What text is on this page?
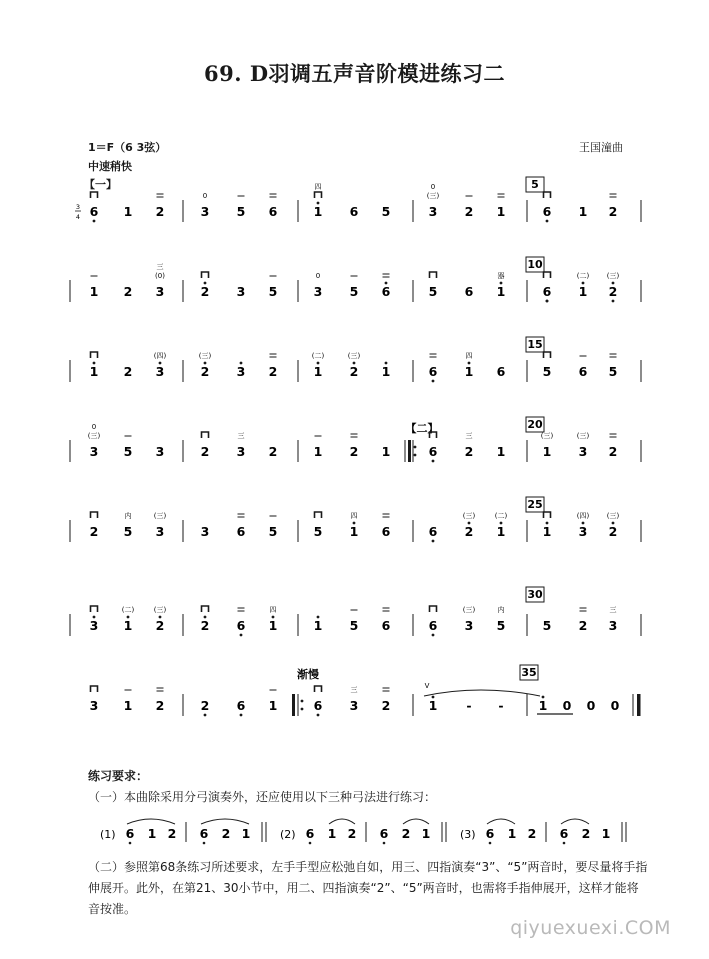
69. D羽调五声音阶模进练习二
1＝F（6 3弦）
中速稍快
王国潼曲
【一】
6 1 2	3 5 6	1 6 5	3 2 1	6 1 2
1 2 3	2 3 5	3 5 6	5 6 1	6 1 2
1 2 3	2 3 2	1 2 1	6 1 6	5 6 5
3 5 3	2 3 2	1 2 1	6 2 1	1 3 2
2 5 3	3 6 5	5 1 6	6 2 1	1 3 2
3 1 2	2 6 1	1 5 6	6 3 5	5 2 3
3 1 2	2 6 1	6 3 2	1 - -	1 0 0 0
3
4
【二】
5
10
15
20
25
30
35
渐慢
V
0
四
(三)
0
(0)
三
0	器	(二)	(三)
(四)	(三)	(二)	(三)	四
(三)
0
三	三	(三)	(三)
内	(三)	四	(三)	(二)	(四)	(三)
(二)	(三)	四	(三)	内	三
三
练习要求：
（一）本曲除采用分弓演奏外，还应使用以下三种弓法进行练习：
(1) 6 1 2 6 2 1	(2) 6 1 2 6 2 1	(3) 6 1 2 6 2 1
（二）参照第68条练习所述要求，左手手型应松弛自如，用三、四指演奏“3”、“5”两音时，要尽量将手指伸展开。此外，在第21、30小节中，用二、四指演奏“2”、“5”两音时，也需将手指伸展开，这样才能将音按准。
qiyuexuexi.COM
